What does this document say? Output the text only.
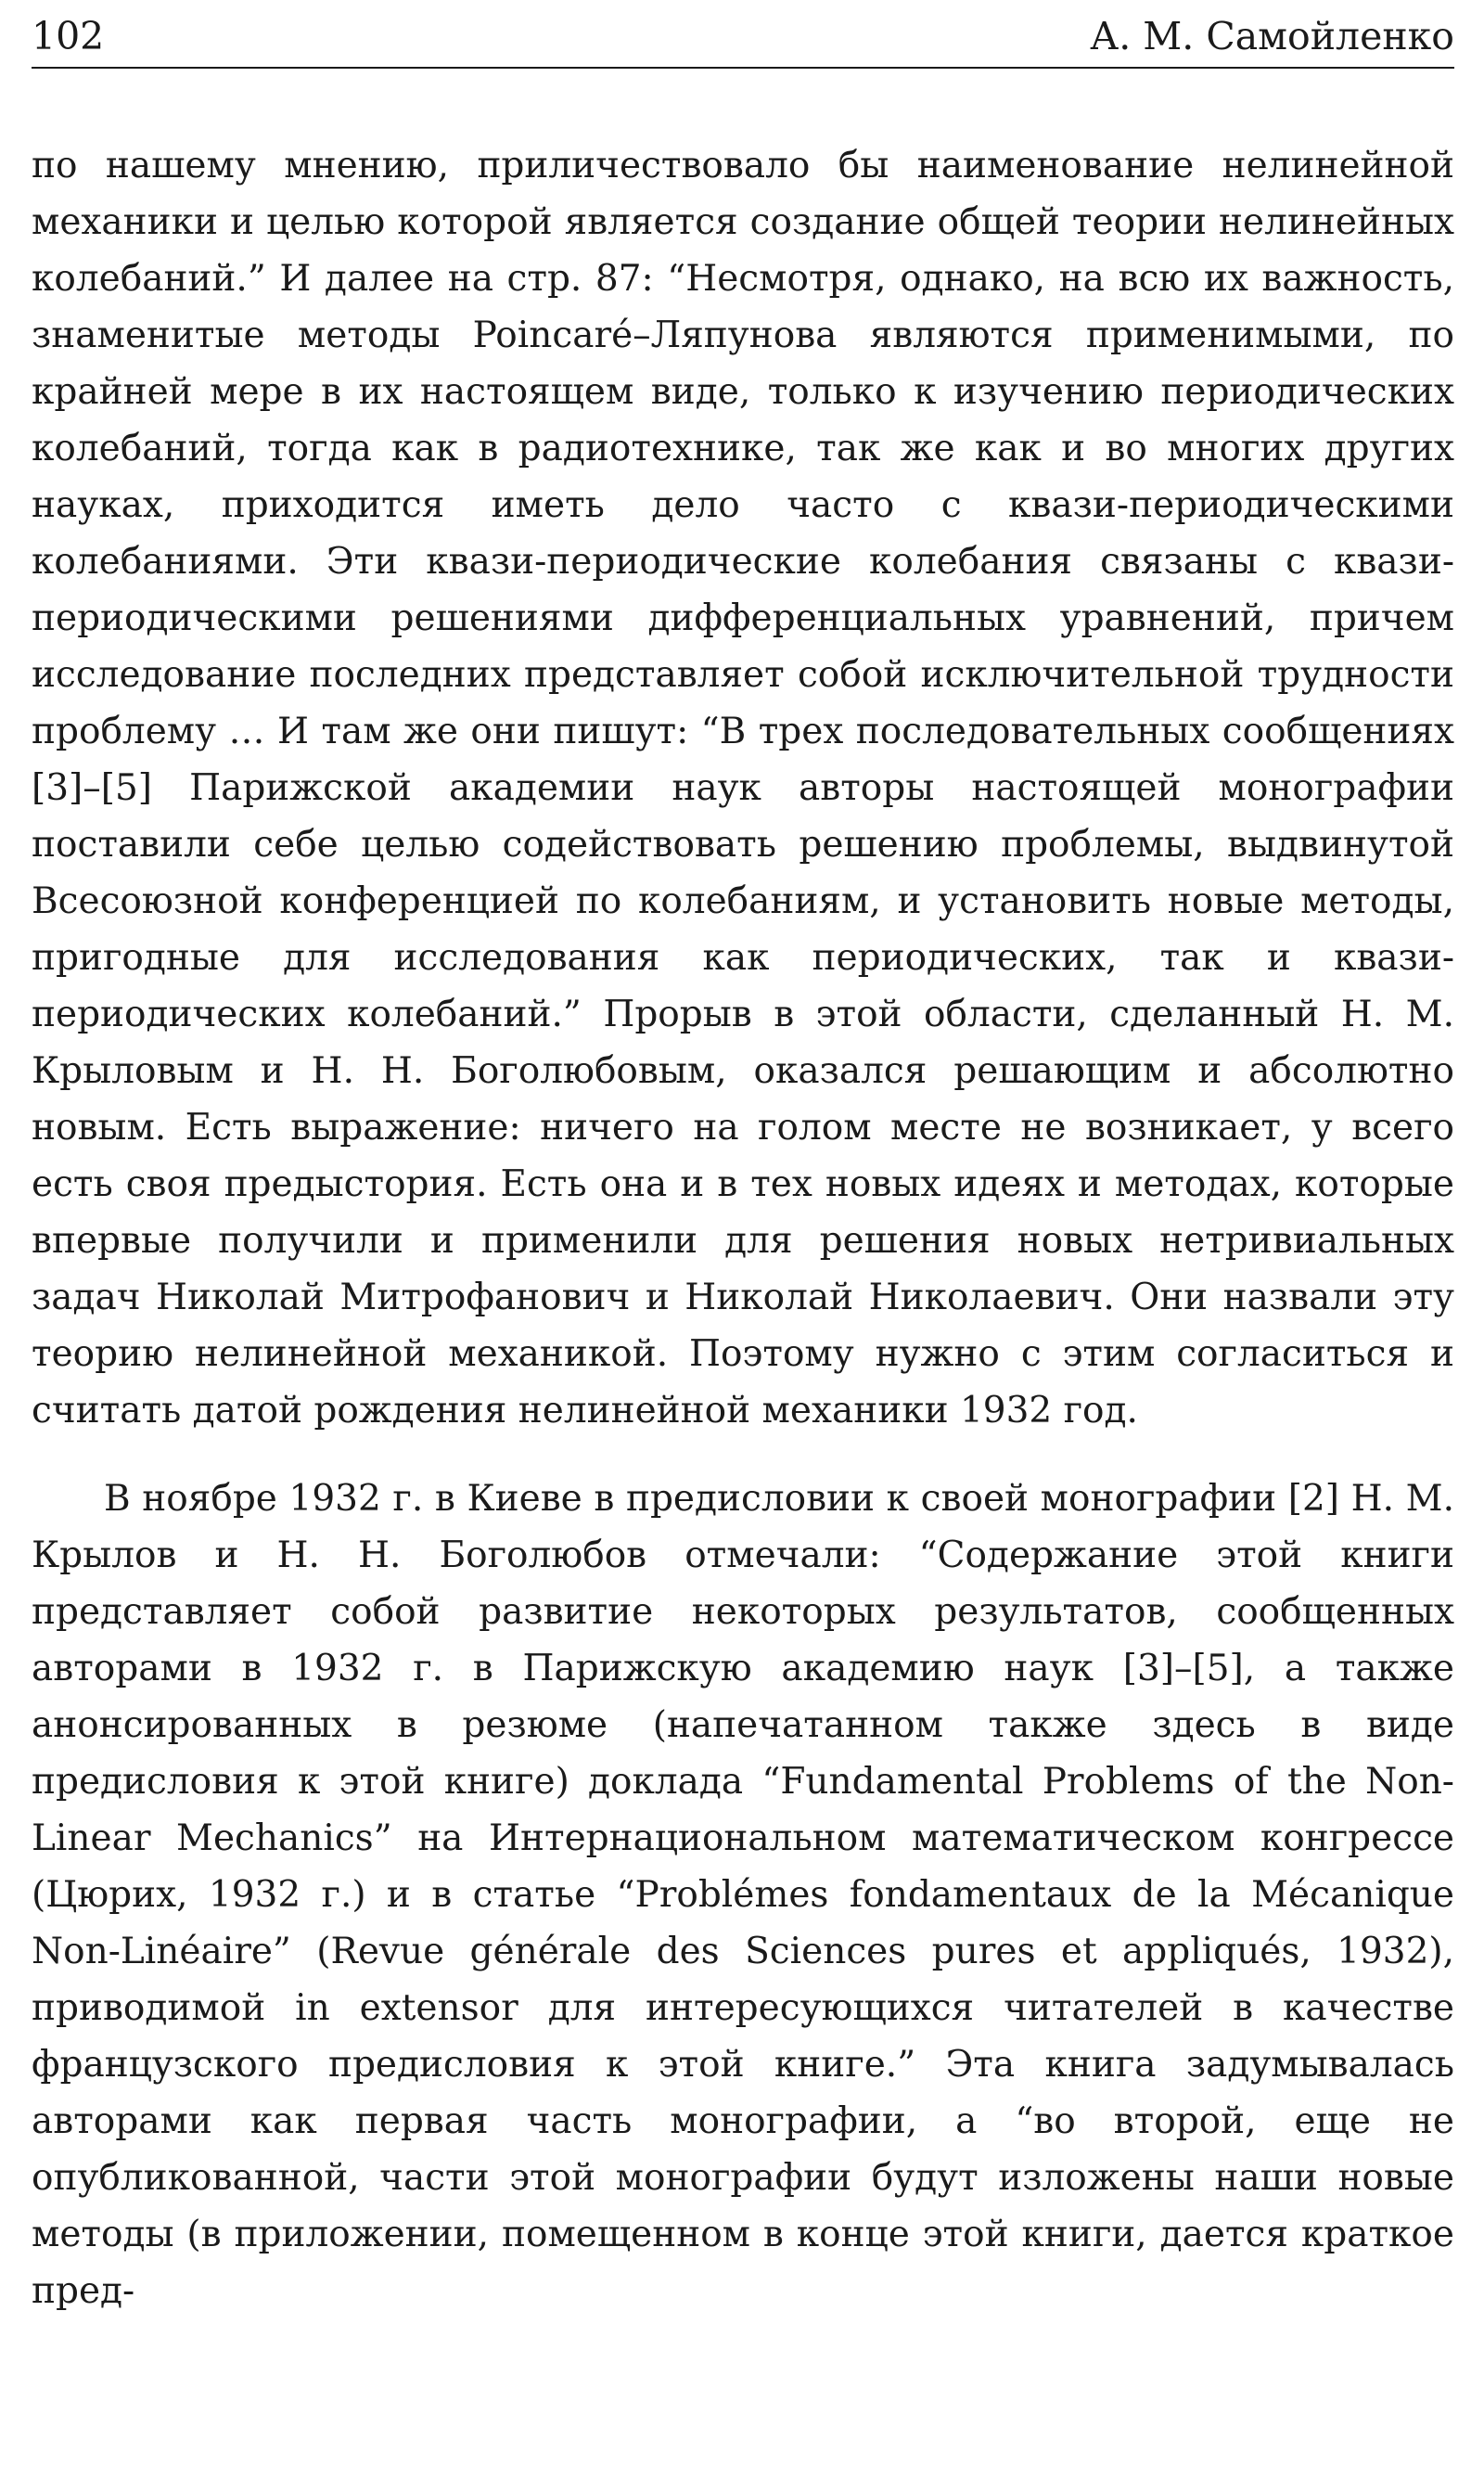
102	А. М. Самойленко

по нашему мнению, приличествовало бы наименование нелинейной механики и целью которой является создание общей теории нелинейных колебаний.” И далее на стр. 87: “Несмотря, однако, на всю их важность, знаменитые методы Poincaré–Ляпунова являются применимыми, по крайней мере в их настоящем виде, только к изучению периодических колебаний, тогда как в радиотехнике, так же как и во многих других науках, приходится иметь дело часто с квази-периодическими колебаниями. Эти квази-периодические колебания связаны с квази-периодическими решениями дифференциальных уравнений, причем исследование последних представляет собой исключительной трудности проблему … И там же они пишут: “В трех последовательных сообщениях [3]–[5] Парижской академии наук авторы настоящей монографии поставили себе целью содействовать решению проблемы, выдвинутой Всесоюзной конференцией по колебаниям, и установить новые методы, пригодные для исследования как периодических, так и квази-периодических колебаний.” Прорыв в этой области, сделанный Н. М. Крыловым и Н. Н. Боголюбовым, оказался решающим и абсолютно новым. Есть выражение: ничего на голом месте не возникает, у всего есть своя предыстория. Есть она и в тех новых идеях и методах, которые впервые получили и применили для решения новых нетривиальных задач Николай Митрофанович и Николай Николаевич. Они назвали эту теорию нелинейной механикой. Поэтому нужно с этим согласиться и считать датой рождения нелинейной механики 1932 год.

В ноябре 1932 г. в Киеве в предисловии к своей монографии [2] Н. М. Крылов и Н. Н. Боголюбов отмечали: “Содержание этой книги представляет собой развитие некоторых результатов, сообщенных авторами в 1932 г. в Парижскую академию наук [3]–[5], а также анонсированных в резюме (напечатанном также здесь в виде предисловия к этой книге) доклада “Fundamental Problems of the Non-Linear Mechanics” на Интернациональном математическом конгрессе (Цюрих, 1932 г.) и в статье “Problémes fondamentaux de la Mécanique Non-Linéaire” (Revue générale des Sciences pures et appliqués, 1932), приводимой in extensor для интересующихся читателей в качестве французского предисловия к этой книге.” Эта книга задумывалась авторами как первая часть монографии, а “во второй, еще не опубликованной, части этой монографии будут изложены наши новые методы (в приложении, помещенном в конце этой книги, дается краткое пред-
